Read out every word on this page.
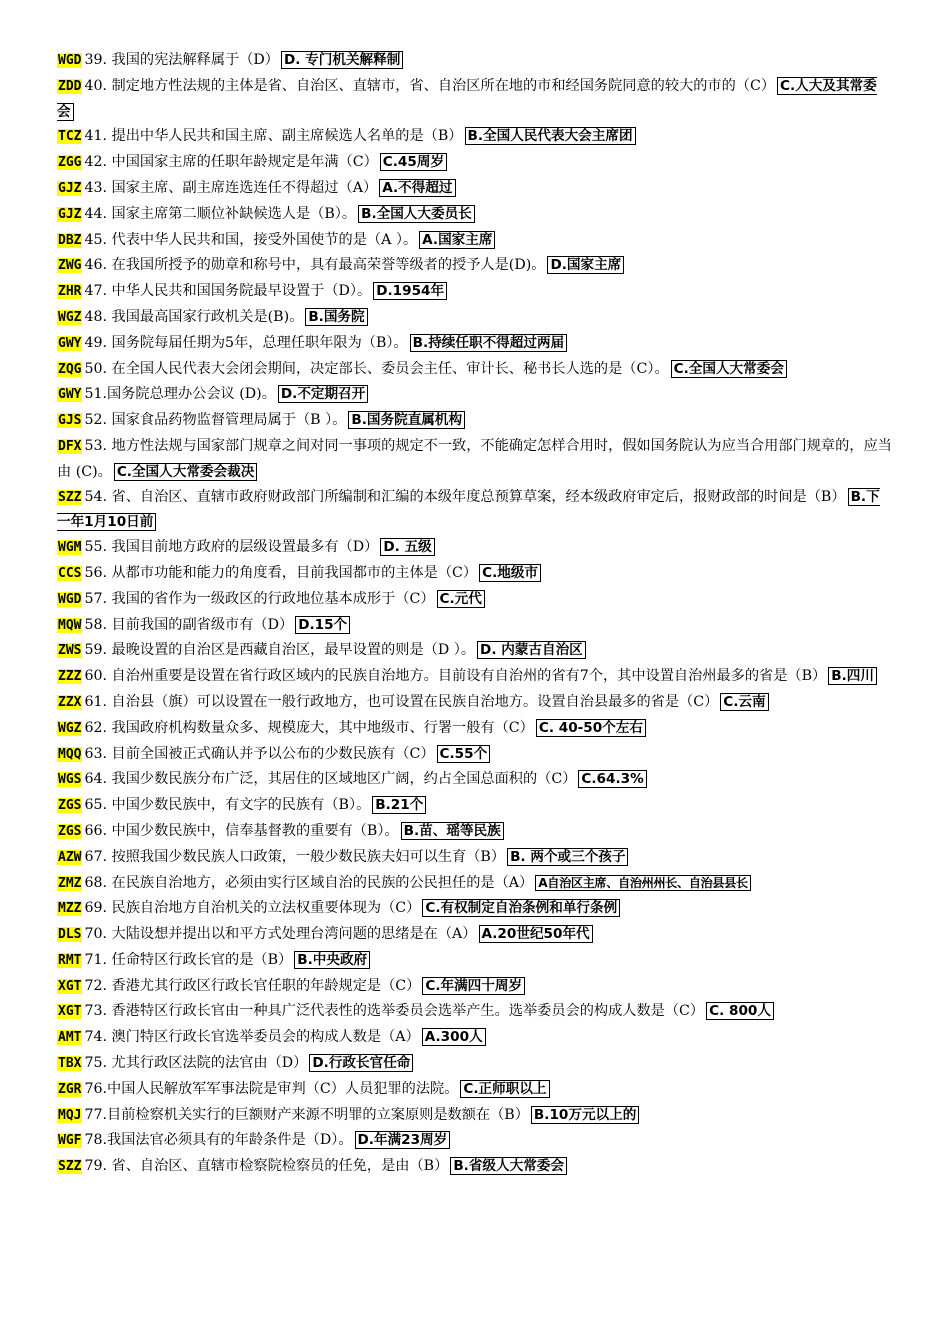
WGD 39. 我国的宪法解释属于（D） D. 专门机关解释制

ZDD 40. 制定地方性法规的主体是省、自治区、直辖市，省、自治区所在地的市和经国务院同意的较大的市的（C） C.人大及其常委会

TCZ 41. 提出中华人民共和国主席、副主席候选人名单的是（B） B.全国人民代表大会主席团

ZGG 42. 中国国家主席的任职年龄规定是年满（C） C.45周岁

GJZ 43. 国家主席、副主席连选连任不得超过（A） A.不得超过

GJZ 44. 国家主席第二顺位补缺候选人是（B）。 B.全国人大委员长

DBZ 45. 代表中华人民共和国，接受外国使节的是（A ）。 A.国家主席

ZWG 46. 在我国所授予的勋章和称号中，具有最高荣誉等级者的授予人是(D)。 D.国家主席

ZHR 47. 中华人民共和国国务院最早设置于（D）。 D.1954年

WGZ 48. 我国最高国家行政机关是(B)。 B.国务院

GWY 49. 国务院每届任期为5年，总理任职年限为（B）。 B.持续任职不得超过两届

ZQG 50. 在全国人民代表大会闭会期间，决定部长、委员会主任、审计长、秘书长人选的是（C）。 C.全国人大常委会

GWY 51.国务院总理办公会议 (D)。 D.不定期召开

GJS 52. 国家食品药物监督管理局属于（B ）。 B.国务院直属机构

DFX 53. 地方性法规与国家部门规章之间对同一事项的规定不一致，不能确定怎样合用时，假如国务院认为应当合用部门规章的，应当由 (C)。 C.全国人大常委会裁决

SZZ 54. 省、自治区、直辖市政府财政部门所编制和汇编的本级年度总预算草案，经本级政府审定后，报财政部的时间是（B） B.下一年1月10日前

WGM 55. 我国目前地方政府的层级设置最多有（D） D. 五级

CCS 56. 从都市功能和能力的角度看，目前我国都市的主体是（C） C.地级市

WGD 57. 我国的省作为一级政区的行政地位基本成形于（C） C.元代

MQW 58. 目前我国的副省级市有（D） D.15个

ZWS 59. 最晚设置的自治区是西藏自治区，最早设置的则是（D ）。 D. 内蒙古自治区

ZZZ 60. 自治州重要是设置在省行政区域内的民族自治地方。目前设有自治州的省有7个，其中设置自治州最多的省是（B） B.四川

ZZX 61. 自治县（旗）可以设置在一般行政地方，也可设置在民族自治地方。设置自治县最多的省是（C） C.云南

WGZ 62. 我国政府机构数量众多、规模庞大，其中地级市、行署一般有（C） C. 40-50个左右

MQQ 63. 目前全国被正式确认并予以公布的少数民族有（C） C.55个

WGS 64. 我国少数民族分布广泛，其居住的区域地区广阔，约占全国总面积的（C） C.64.3%

ZGS 65. 中国少数民族中，有文字的民族有（B）。 B.21个

ZGS 66. 中国少数民族中，信奉基督教的重要有（B）。 B.苗、瑶等民族

AZW 67. 按照我国少数民族人口政策，一般少数民族夫妇可以生育（B） B. 两个或三个孩子

ZMZ 68. 在民族自治地方，必须由实行区域自治的民族的公民担任的是（A） A自治区主席、自治州州长、自治县县长

MZZ 69. 民族自治地方自治机关的立法权重要体现为（C） C.有权制定自治条例和单行条例

DLS 70. 大陆设想并提出以和平方式处理台湾问题的思绪是在（A） A.20世纪50年代

RMT 71. 任命特区行政长官的是（B） B.中央政府

XGT 72. 香港尤其行政区行政长官任职的年龄规定是（C） C.年满四十周岁

XGT 73. 香港特区行政长官由一种具广泛代表性的选举委员会选举产生。选举委员会的构成人数是（C） C. 800人

AMT 74. 澳门特区行政长官选举委员会的构成人数是（A） A.300人

TBX 75. 尤其行政区法院的法官由（D） D.行政长官任命

ZGR 76.中国人民解放军军事法院是审判（C）人员犯罪的法院。 C.正师职以上

MQJ 77.目前检察机关实行的巨额财产来源不明罪的立案原则是数额在（B） B.10万元以上的

WGF 78.我国法官必须具有的年龄条件是（D）。 D.年满23周岁

SZZ 79. 省、自治区、直辖市检察院检察员的任免，是由（B） B.省级人大常委会
